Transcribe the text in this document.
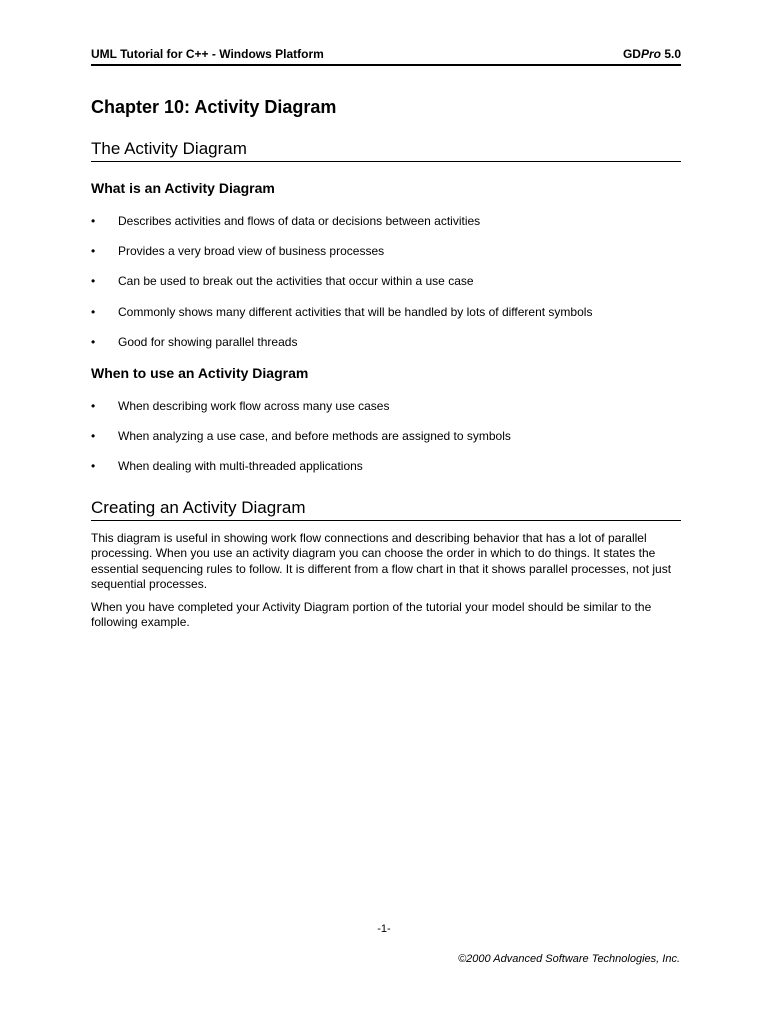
UML Tutorial for C++ - Windows Platform	GDPro 5.0
Chapter 10: Activity Diagram
The Activity Diagram
What is an Activity Diagram
• Describes activities and flows of data or decisions between activities
• Provides a very broad view of business processes
• Can be used to break out the activities that occur within a use case
• Commonly shows many different activities that will be handled by lots of different symbols
• Good for showing parallel threads
When to use an Activity Diagram
• When describing work flow across many use cases
• When analyzing a use case, and before methods are assigned to symbols
• When dealing with multi-threaded applications
Creating an Activity Diagram

This diagram is useful in showing work flow connections and describing behavior that has a lot of parallel processing. When you use an activity diagram you can choose the order in which to do things. It states the essential sequencing rules to follow. It is different from a flow chart in that it shows parallel processes, not just sequential processes.

When you have completed your Activity Diagram portion of the tutorial your model should be similar to the following example.

-1-
©2000 Advanced Software Technologies, Inc.
